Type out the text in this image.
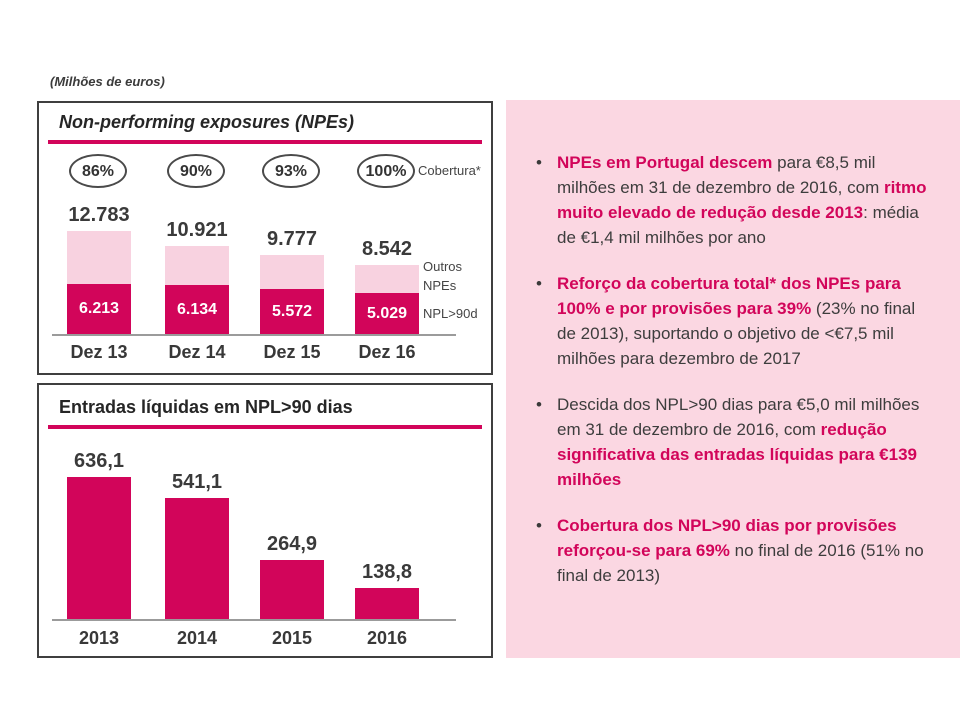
(Milhões de euros)
Non-performing exposures (NPEs)
Cobertura*
Outros NPEs
NPL>90d
86%
12.783
6.213
Dez 13
90%
10.921
6.134
Dez 14
93%
9.777
5.572
Dez 15
100%
8.542
5.029
Dez 16
Entradas líquidas em NPL>90 dias
636,1
2013
541,1
2014
264,9
2015
138,8
2016
• NPEs em Portugal descem para €8,5 mil milhões em 31 de dezembro de 2016, com ritmo muito elevado de redução desde 2013: média de €1,4 mil milhões por ano
• Reforço da cobertura total* dos NPEs para 100% e por provisões para 39% (23% no final de 2013), suportando o objetivo de <€7,5 mil milhões para dezembro de 2017
• Descida dos NPL>90 dias para €5,0 mil milhões em 31 de dezembro de 2016, com redução significativa das entradas líquidas para €139 milhões
• Cobertura dos NPL>90 dias por provisões reforçou-se para 69% no final de 2016 (51% no final de 2013)
